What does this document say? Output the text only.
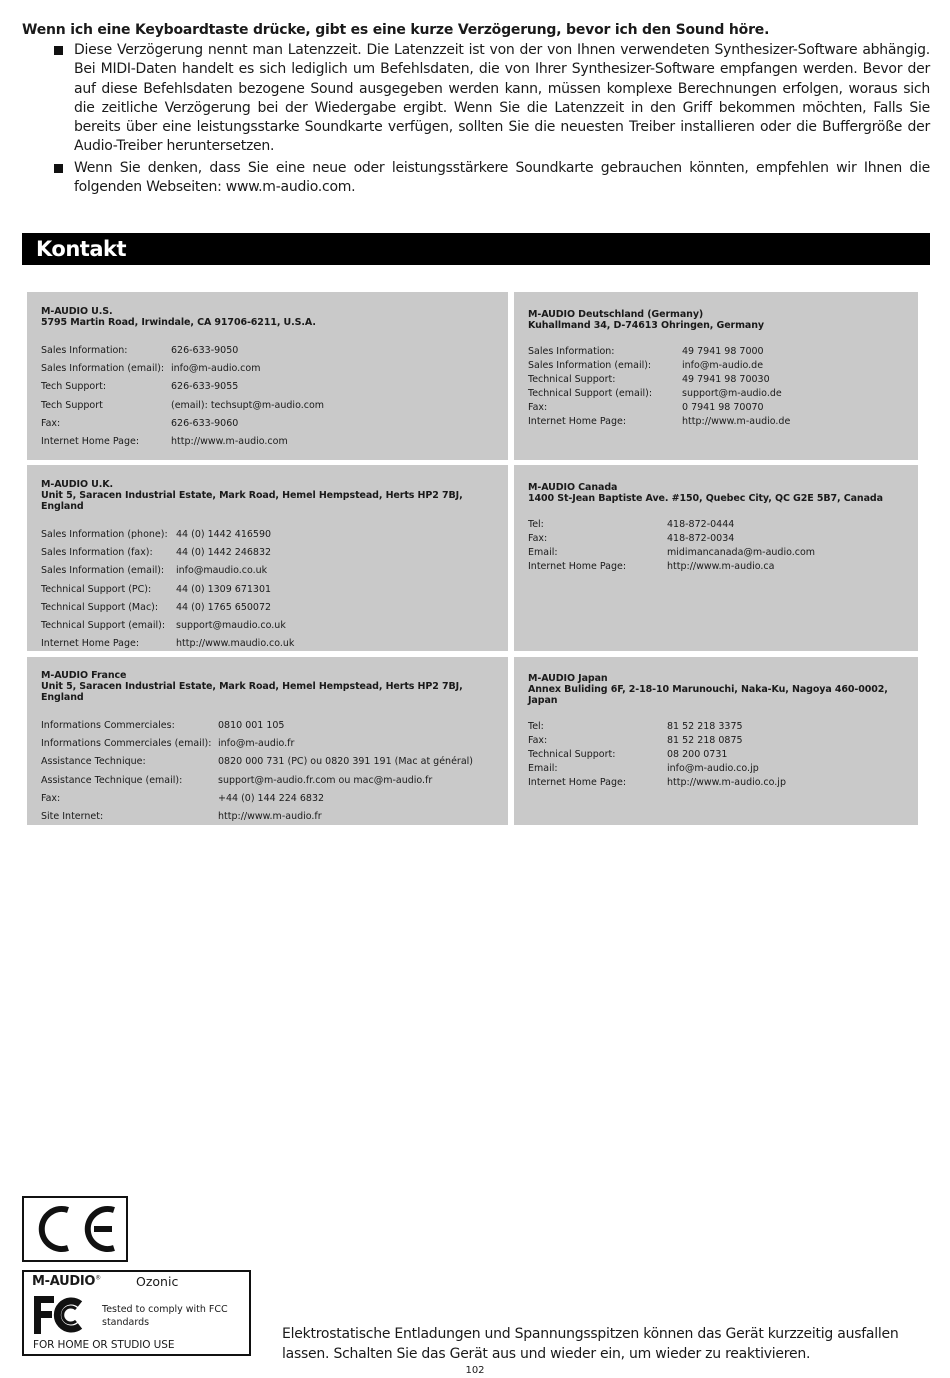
Wenn ich eine Keyboardtaste drücke, gibt es eine kurze Verzögerung, bevor ich den Sound höre.
Diese Verzögerung nennt man Latenzzeit. Die Latenzzeit ist von der von Ihnen verwendeten Synthesizer-Software abhängig. Bei MIDI-Daten handelt es sich lediglich um Befehlsdaten, die von Ihrer Synthesizer-Software empfangen werden. Bevor der auf diese Befehlsdaten bezogene Sound ausgegeben werden kann, müssen komplexe Berechnungen erfolgen, woraus sich die zeitliche Verzögerung bei der Wiedergabe ergibt. Wenn Sie die Latenzzeit in den Griff bekommen möchten, Falls Sie bereits über eine leistungsstarke Soundkarte verfügen, sollten Sie die neuesten Treiber installieren oder die Buffergröße der Audio-Treiber heruntersetzen.
Wenn Sie denken, dass Sie eine neue oder leistungsstärkere Soundkarte gebrauchen könnten, empfehlen wir Ihnen die folgenden Webseiten: www.m-audio.com.
Kontakt
M-AUDIO U.S.
5795 Martin Road, Irwindale, CA 91706-6211, U.S.A.
Sales Information:	626-633-9050
Sales Information (email): info@m-audio.com
Tech Support:	626-633-9055
Tech Support	(email): techsupt@m-audio.com
Fax:	626-633-9060
Internet Home Page:	http://www.m-audio.com
M-AUDIO Deutschland (Germany)
Kuhallmand 34, D-74613 Ohringen, Germany
Sales Information:	49 7941 98 7000
Sales Information (email):	info@m-audio.de
Technical Support:	49 7941 98 70030
Technical Support (email):	support@m-audio.de
Fax:	0 7941 98 70070
Internet Home Page:	http://www.m-audio.de
M-AUDIO U.K.
Unit 5, Saracen Industrial Estate, Mark Road, Hemel Hempstead, Herts HP2 7BJ, England
Sales Information (phone): 44 (0) 1442 416590
Sales Information (fax):	44 (0) 1442 246832
Sales Information (email):	info@maudio.co.uk
Technical Support (PC):	44 (0) 1309 671301
Technical Support (Mac):	44 (0) 1765 650072
Technical Support (email):	support@maudio.co.uk
Internet Home Page:	http://www.maudio.co.uk
M-AUDIO Canada
1400 St-Jean Baptiste Ave. #150, Quebec City, QC G2E 5B7, Canada
Tel:	418-872-0444
Fax:	418-872-0034
Email:	midimancanada@m-audio.com
Internet Home Page:	http://www.m-audio.ca
M-AUDIO France
Unit 5, Saracen Industrial Estate, Mark Road, Hemel Hempstead, Herts HP2 7BJ, England
Informations Commerciales:	0810 001 105
Informations Commerciales (email): info@m-audio.fr
Assistance Technique:	0820 000 731 (PC) ou 0820 391 191 (Mac at général)
Assistance Technique (email):	support@m-audio.fr.com ou mac@m-audio.fr
Fax:	+44 (0) 144 224 6832
Site Internet:	http://www.m-audio.fr
M-AUDIO Japan
Annex Buliding 6F, 2-18-10 Marunouchi, Naka-Ku, Nagoya 460-0002, Japan
Tel:	81 52 218 3375
Fax:	81 52 218 0875
Technical Support:	08 200 0731
Email:	info@m-audio.co.jp
Internet Home Page:	http://www.m-audio.co.jp
M-AUDIO®	Ozonic
Tested to comply with FCC standards
FOR HOME OR STUDIO USE
Elektrostatische Entladungen und Spannungsspitzen können das Gerät kurzzeitig ausfallen lassen. Schalten Sie das Gerät aus und wieder ein, um wieder zu reaktivieren.
102
